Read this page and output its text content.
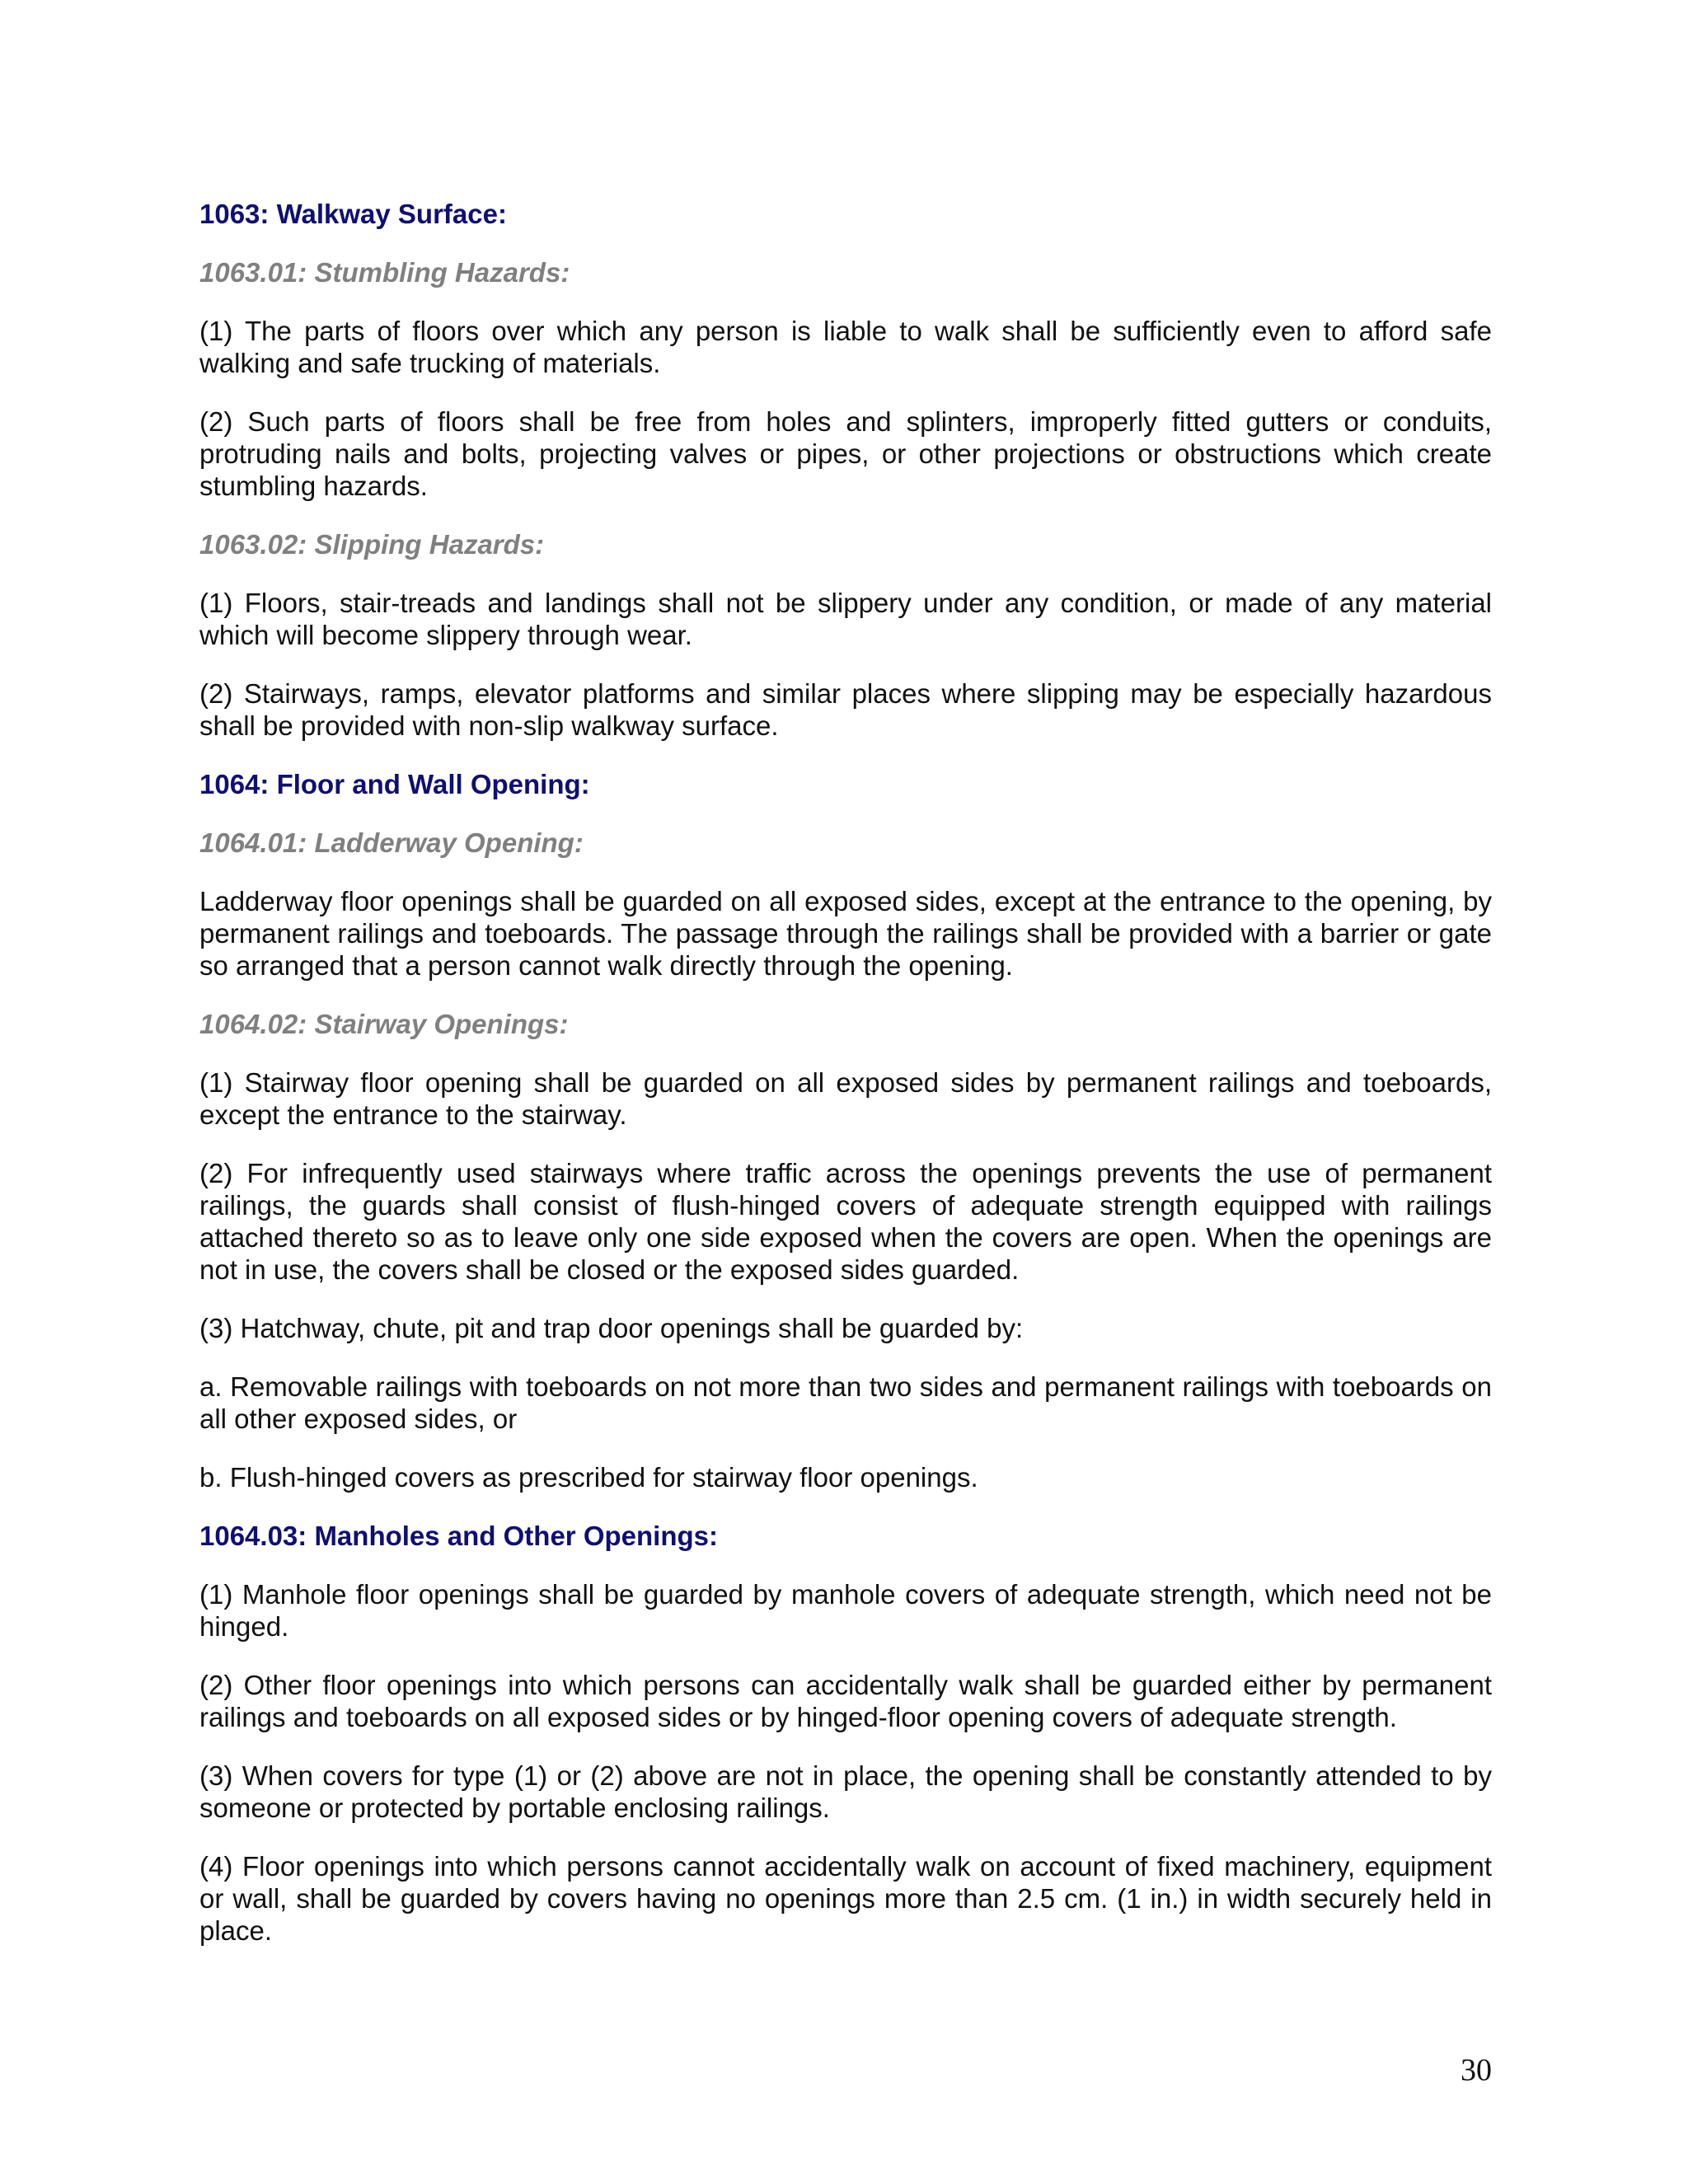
1063: Walkway Surface:
1063.01: Stumbling Hazards:

(1) The parts of floors over which any person is liable to walk shall be sufficiently even to afford safe walking and safe trucking of materials.

(2) Such parts of floors shall be free from holes and splinters, improperly fitted gutters or conduits, protruding nails and bolts, projecting valves or pipes, or other projections or obstructions which create stumbling hazards.

1063.02: Slipping Hazards:

(1) Floors, stair-treads and landings shall not be slippery under any condition, or made of any material which will become slippery through wear.

(2) Stairways, ramps, elevator platforms and similar places where slipping may be especially hazardous shall be provided with non-slip walkway surface.

1064: Floor and Wall Opening:
1064.01: Ladderway Opening:

Ladderway floor openings shall be guarded on all exposed sides, except at the entrance to the opening, by permanent railings and toeboards. The passage through the railings shall be provided with a barrier or gate so arranged that a person cannot walk directly through the opening.

1064.02: Stairway Openings:

(1) Stairway floor opening shall be guarded on all exposed sides by permanent railings and toeboards, except the entrance to the stairway.

(2) For infrequently used stairways where traffic across the openings prevents the use of permanent railings, the guards shall consist of flush-hinged covers of adequate strength equipped with railings attached thereto so as to leave only one side exposed when the covers are open. When the openings are not in use, the covers shall be closed or the exposed sides guarded.

(3) Hatchway, chute, pit and trap door openings shall be guarded by:

a. Removable railings with toeboards on not more than two sides and permanent railings with toeboards on all other exposed sides, or

b. Flush-hinged covers as prescribed for stairway floor openings.

1064.03: Manholes and Other Openings:

(1) Manhole floor openings shall be guarded by manhole covers of adequate strength, which need not be hinged.

(2) Other floor openings into which persons can accidentally walk shall be guarded either by permanent railings and toeboards on all exposed sides or by hinged-floor opening covers of adequate strength.

(3) When covers for type (1) or (2) above are not in place, the opening shall be constantly attended to by someone or protected by portable enclosing railings.

(4) Floor openings into which persons cannot accidentally walk on account of fixed machinery, equipment or wall, shall be guarded by covers having no openings more than 2.5 cm. (1 in.) in width securely held in place.

30
